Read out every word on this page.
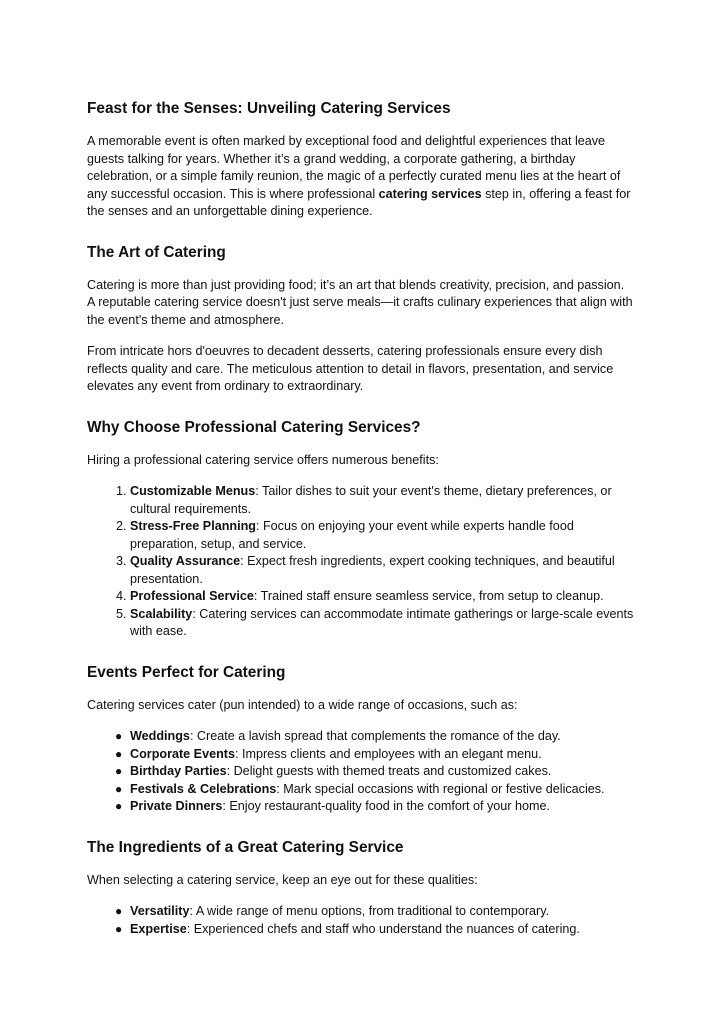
Feast for the Senses: Unveiling Catering Services

A memorable event is often marked by exceptional food and delightful experiences that leave guests talking for years. Whether it’s a grand wedding, a corporate gathering, a birthday celebration, or a simple family reunion, the magic of a perfectly curated menu lies at the heart of any successful occasion. This is where professional catering services step in, offering a feast for the senses and an unforgettable dining experience.

The Art of Catering

Catering is more than just providing food; it’s an art that blends creativity, precision, and passion. A reputable catering service doesn't just serve meals—it crafts culinary experiences that align with the event's theme and atmosphere.

From intricate hors d'oeuvres to decadent desserts, catering professionals ensure every dish reflects quality and care. The meticulous attention to detail in flavors, presentation, and service elevates any event from ordinary to extraordinary.

Why Choose Professional Catering Services?

Hiring a professional catering service offers numerous benefits:

1. Customizable Menus: Tailor dishes to suit your event's theme, dietary preferences, or cultural requirements.
2. Stress-Free Planning: Focus on enjoying your event while experts handle food preparation, setup, and service.
3. Quality Assurance: Expect fresh ingredients, expert cooking techniques, and beautiful presentation.
4. Professional Service: Trained staff ensure seamless service, from setup to cleanup.
5. Scalability: Catering services can accommodate intimate gatherings or large-scale events with ease.
Events Perfect for Catering

Catering services cater (pun intended) to a wide range of occasions, such as:

● Weddings: Create a lavish spread that complements the romance of the day.
● Corporate Events: Impress clients and employees with an elegant menu.
● Birthday Parties: Delight guests with themed treats and customized cakes.
● Festivals & Celebrations: Mark special occasions with regional or festive delicacies.
● Private Dinners: Enjoy restaurant-quality food in the comfort of your home.
The Ingredients of a Great Catering Service

When selecting a catering service, keep an eye out for these qualities:

● Versatility: A wide range of menu options, from traditional to contemporary.
● Expertise: Experienced chefs and staff who understand the nuances of catering.
